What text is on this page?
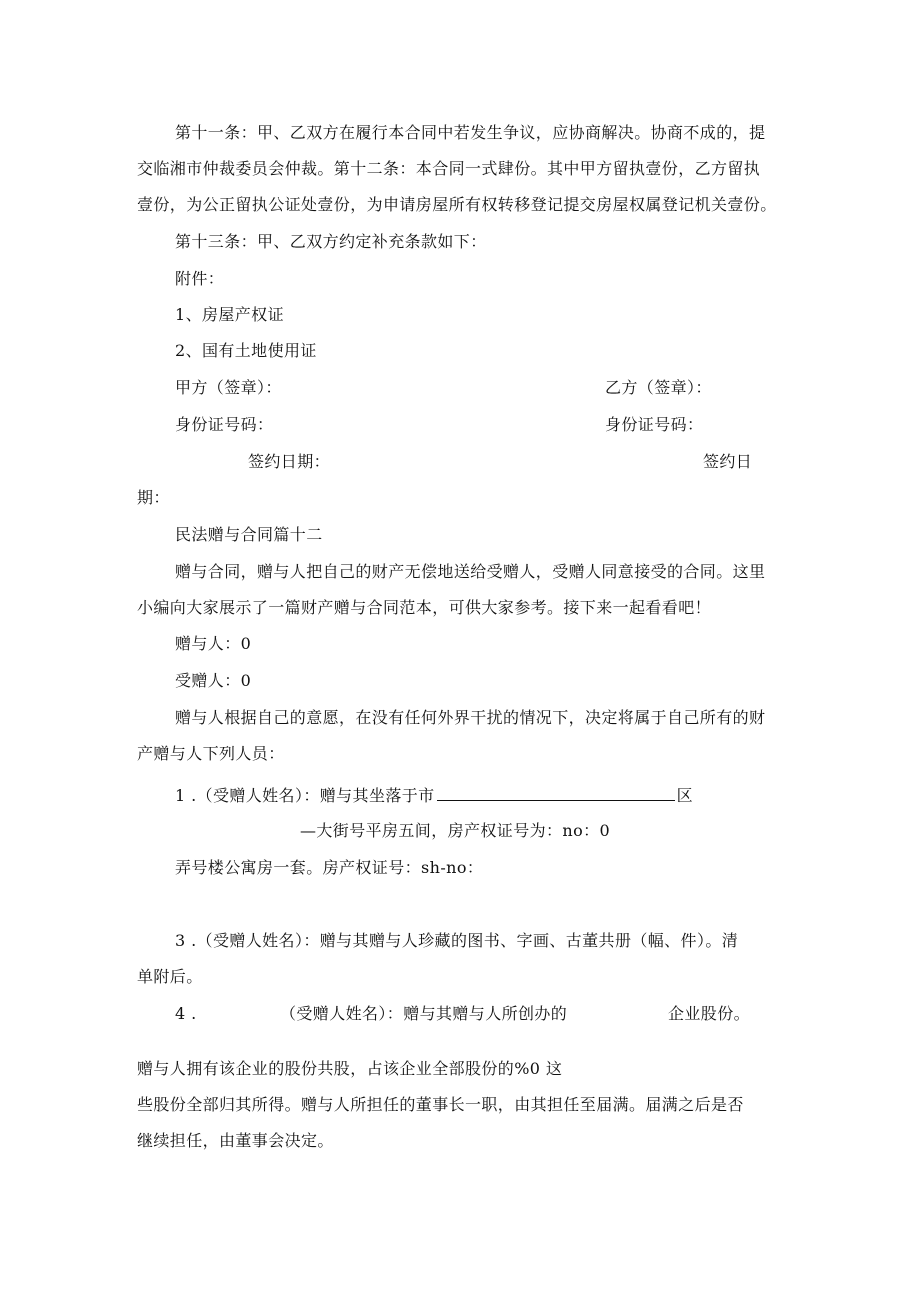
第十一条：甲、乙双方在履行本合同中若发生争议，应协商解决。协商不成的，提
交临湘市仲裁委员会仲裁。第十二条：本合同一式肆份。其中甲方留执壹份，乙方留执
壹份，为公正留执公证处壹份，为申请房屋所有权转移登记提交房屋权属登记机关壹份。
第十三条：甲、乙双方约定补充条款如下：
附件：
1、房屋产权证
2、国有土地使用证
甲方（签章）：	乙方（签章）：
身份证号码：	身份证号码：
签约日期：	签约日
期：
民法赠与合同篇十二
赠与合同，赠与人把自己的财产无偿地送给受赠人，受赠人同意接受的合同。这里
小编向大家展示了一篇财产赠与合同范本，可供大家参考。接下来一起看看吧！
赠与人：0
受赠人：0
赠与人根据自己的意愿，在没有任何外界干扰的情况下，决定将属于自己所有的财
产赠与人下列人员：
1 .（受赠人姓名）：赠与其坐落于市	区
—大街号平房五间，房产权证号为：no：0
弄号楼公寓房一套。房产权证号：sh-no：
3 .（受赠人姓名）：赠与其赠与人珍藏的图书、字画、古董共册（幅、件）。清
单附后。
4 .	（受赠人姓名）：赠与其赠与人所创办的	企业股份。
赠与人拥有该企业的股份共股，占该企业全部股份的%0 这
些股份全部归其所得。赠与人所担任的董事长一职，由其担任至届满。届满之后是否
继续担任，由董事会决定。
